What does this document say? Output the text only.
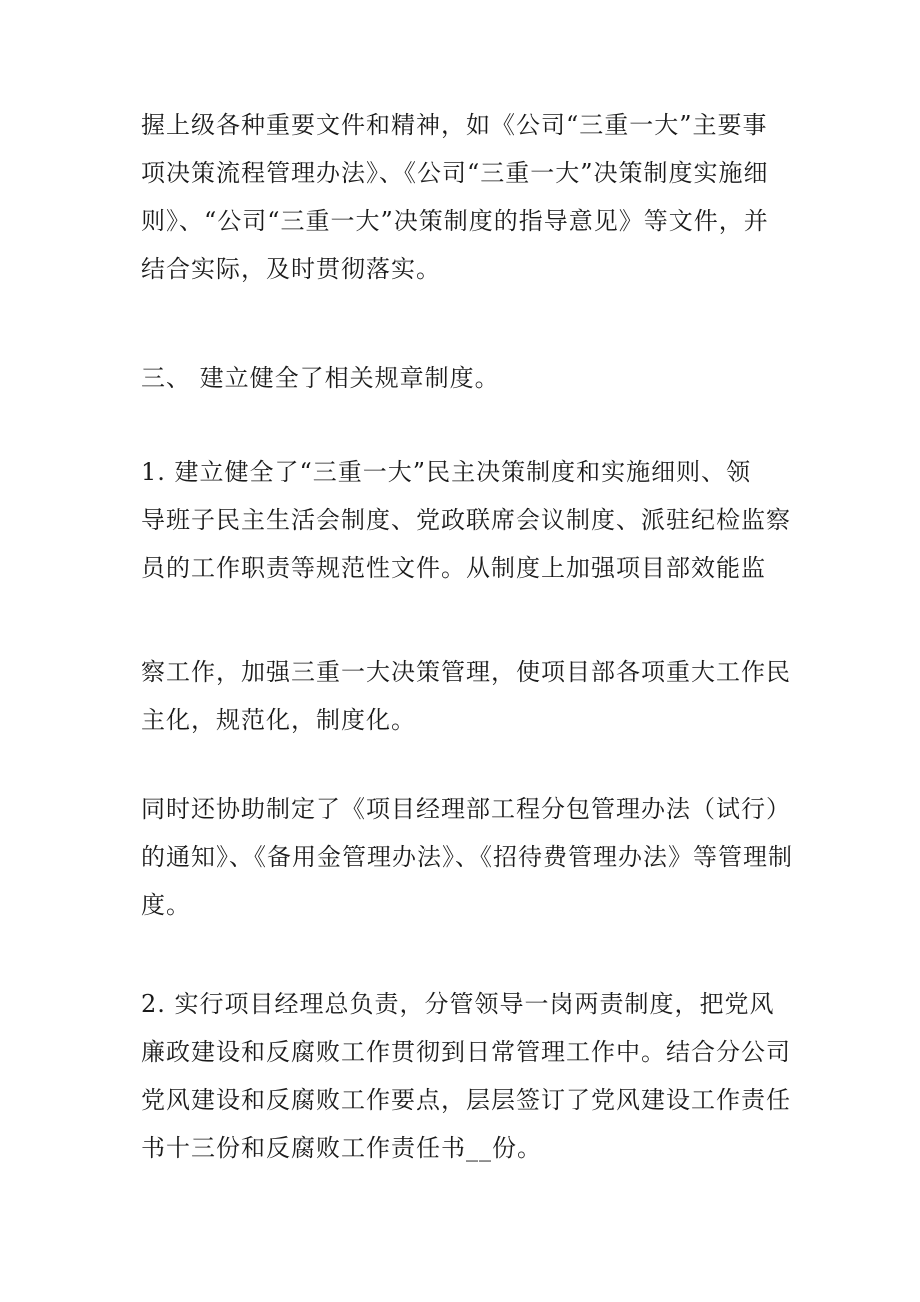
握上级各种重要文件和精神，如《公司“三重一大”主要事
项决策流程管理办法》、《公司“三重一大”决策制度实施细
则》、“公司“三重一大”决策制度的指导意见》等文件，并
结合实际，及时贯彻落实。
三、 建立健全了相关规章制度。
1. 建立健全了“三重一大”民主决策制度和实施细则、领
导班子民主生活会制度、党政联席会议制度、派驻纪检监察
员的工作职责等规范性文件。从制度上加强项目部效能监
察工作，加强三重一大决策管理，使项目部各项重大工作民
主化，规范化，制度化。
同时还协助制定了《项目经理部工程分包管理办法（试行）
的通知》、《备用金管理办法》、《招待费管理办法》等管理制
度。
2. 实行项目经理总负责，分管领导一岗两责制度，把党风
廉政建设和反腐败工作贯彻到日常管理工作中。结合分公司
党风建设和反腐败工作要点，层层签订了党风建设工作责任
书十三份和反腐败工作责任书__份。
